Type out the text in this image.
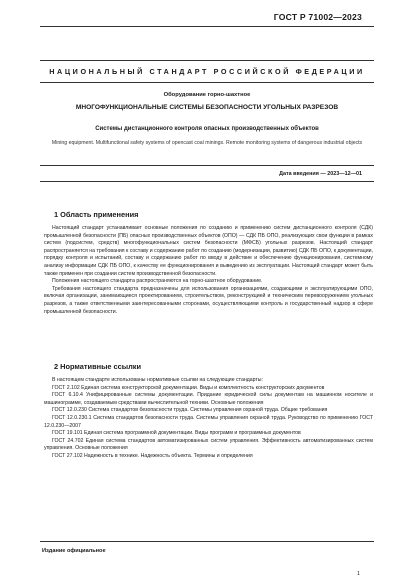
ГОСТ Р 71002—2023
НАЦИОНАЛЬНЫЙ СТАНДАРТ РОССИЙСКОЙ ФЕДЕРАЦИИ
Оборудование горно-шахтное
МНОГОФУНКЦИОНАЛЬНЫЕ СИСТЕМЫ БЕЗОПАСНОСТИ УГОЛЬНЫХ РАЗРЕЗОВ
Системы дистанционного контроля опасных производственных объектов
Mining equipment. Multifunctional safety systems of opencast coal minings. Remote monitoring systems of dangerous industrial objects
Дата введения — 2023—12—01
1 Область применения

Настоящий стандарт устанавливает основные положения по созданию и применению систем дистанционного контроля (СДК) промышленной безопасности (ПБ) опасных производственных объектов (ОПО) — СДК ПБ ОПО, реализующих свои функции в рамках систем (подсистем, средств) многофункциональных систем безопасности (МФСБ) угольных разрезов. Настоящий стандарт распространяется на требования к составу и содержанию работ по созданию (модернизации, развитию) СДК ПБ ОПО, к документации, порядку контроля и испытаний, составу и содержанию работ по вводу в действие и обеспечению функционирования, системному анализу информации СДК ПБ ОПО, к качеству ее функционирования и выведению из эксплуатации. Настоящий стандарт может быть также применен при создании систем производственной безопасности.

Положения настоящего стандарта распространяются на горно-шахтное оборудование.

Требования настоящего стандарта предназначены для использования организациями, создающими и эксплуатирующими ОПО, включая организации, занимающиеся проектированием, строительством, реконструкцией и техническим перевооружением угольных разрезов, а также ответственными заинтересованными сторонами, осуществляющими контроль и государственный надзор в сфере промышленной безопасности.

2 Нормативные ссылки

В настоящем стандарте использованы нормативные ссылки на следующие стандарты:

ГОСТ 2.102 Единая система конструкторской документации. Виды и комплектность конструкторских документов

ГОСТ 6.10.4 Унифицированные системы документации. Придание юридической силы документам на машинном носителе и машинограмме, создаваемым средствами вычислительной техники. Основные положения

ГОСТ 12.0.230 Система стандартов безопасности труда. Системы управления охраной труда. Общие требования

ГОСТ 12.0.230.1 Система стандартов безопасности труда. Системы управления охраной труда. Руководство по применению ГОСТ 12.0.230—2007

ГОСТ 19.101 Единая система программной документации. Виды программ и программных документов

ГОСТ 24.702 Единая система стандартов автоматизированных систем управления. Эффективность автоматизированных систем управления. Основные положения

ГОСТ 27.102 Надежность в технике. Надежность объекта. Термины и определения

Издание официальное
1
